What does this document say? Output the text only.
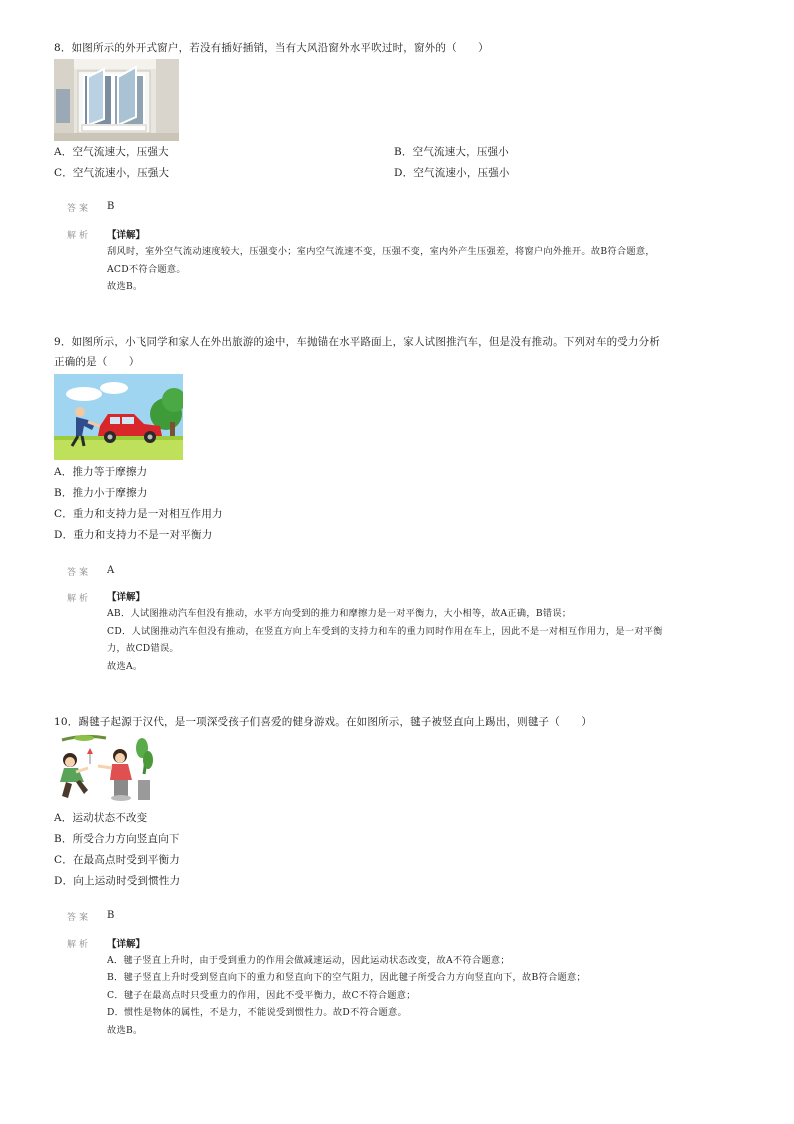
8．如图所示的外开式窗户，若没有插好插销，当有大风沿窗外水平吹过时，窗外的（　　）
A．空气流速大，压强大	B．空气流速大，压强小
C．空气流速小，压强大	D．空气流速小，压强小
答案 B
解析 【详解】
刮风时，室外空气流动速度较大，压强变小；室内空气流速不变，压强不变，室内外产生压强差，将窗户向外推开。故B符合题意，
ACD不符合题意。
故选B。
9．如图所示，小飞同学和家人在外出旅游的途中，车抛锚在水平路面上，家人试图推汽车，但是没有推动。下列对车的受力分析
正确的是（　　）
A．推力等于摩擦力
B．推力小于摩擦力
C．重力和支持力是一对相互作用力
D．重力和支持力不是一对平衡力
答案 A
解析 【详解】
AB．人试图推动汽车但没有推动，水平方向受到的推力和摩擦力是一对平衡力，大小相等，故A正确，B错误；
CD．人试图推动汽车但没有推动，在竖直方向上车受到的支持力和车的重力同时作用在车上，因此不是一对相互作用力，是一对平衡
力，故CD错误。
故选A。
10．踢毽子起源于汉代，是一项深受孩子们喜爱的健身游戏。在如图所示，毽子被竖直向上踢出，则毽子（　　）
A．运动状态不改变
B．所受合力方向竖直向下
C．在最高点时受到平衡力
D．向上运动时受到惯性力
答案 B
解析 【详解】
A．毽子竖直上升时，由于受到重力的作用会做减速运动，因此运动状态改变，故A不符合题意；
B．毽子竖直上升时受到竖直向下的重力和竖直向下的空气阻力，因此毽子所受合力方向竖直向下，故B符合题意；
C．毽子在最高点时只受重力的作用，因此不受平衡力，故C不符合题意；
D．惯性是物体的属性，不是力，不能说受到惯性力。故D不符合题意。
故选B。
